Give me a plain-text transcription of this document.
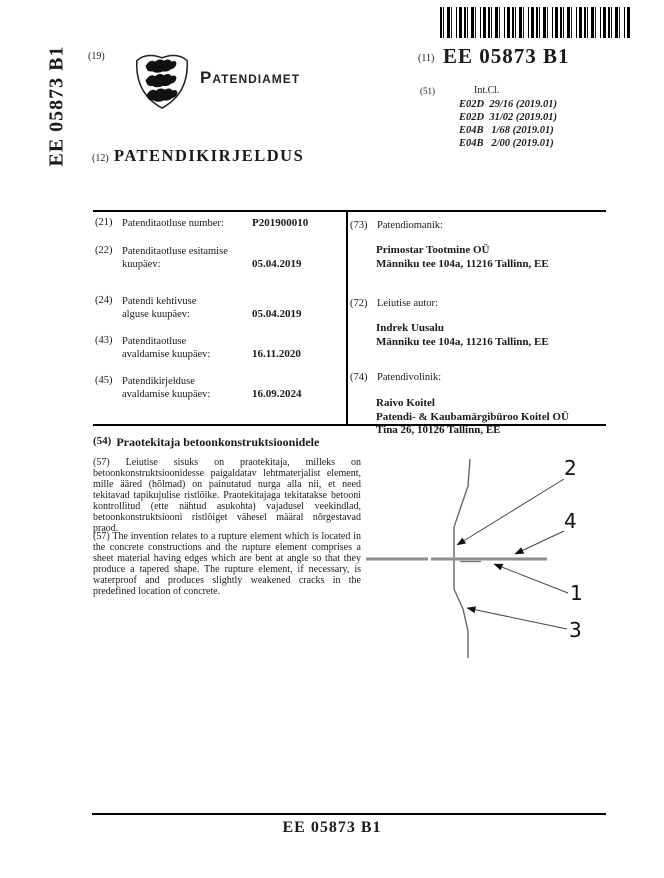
EE 05873 B1 (19)
Patendiamet
(11) EE 05873 B1
(51)	Int.Cl.
E02D  29/16 (2019.01)
E02D  31/02 (2019.01)
E04B   1/68 (2019.01)
E04B   2/00 (2019.01)
(12) PATENDIKIRJELDUS
(21) Patenditaotluse number:	P201900010
(22) Patenditaotluse esitamise
kuupäev:	05.04.2019
(24) Patendi kehtivuse
alguse kuupäev:	05.04.2019
(43) Patenditaotluse
avaldamise kuupäev:	16.11.2020
(45) Patendikirjelduse
avaldamise kuupäev:	16.09.2024
(73) Patendiomanik:
Primostar Tootmine OÜ
Männiku tee 104a, 11216 Tallinn, EE
(72) Leiutise autor:
Indrek Uusalu
Männiku tee 104a, 11216 Tallinn, EE
(74) Patendivolinik:
Raivo Koitel
Patendi- & Kaubamärgibüroo Koitel OÜ
Tina 26, 10126 Tallinn, EE
(54) Praotekitaja betoonkonstruktsioonidele
(57) Leiutise sisuks on praotekitaja, milleks on betoonkonstruktsioonidesse paigaldatav lehtmaterjalist element, mille ääred (hõlmad) on painutatud nurga alla nii, et need tekitavad tapikujulise ristlõike. Praotekitajaga tekitatakse betooni kontrollitud (ette nähtud asukohta) vajadusel veekindlad, betoonkonstruktsiooni ristlõiget vähesel määral nõrgestavad praod.
(57) The invention relates to a rupture element which is located in the concrete constructions and the rupture element comprises a sheet material having edges which are bent at angle so that they produce a tapered shape. The rupture element, if necessary, is waterproof and produces slightly weakened cracks in the predefined location of concrete.
2
4
1
3
EE 05873 B1
